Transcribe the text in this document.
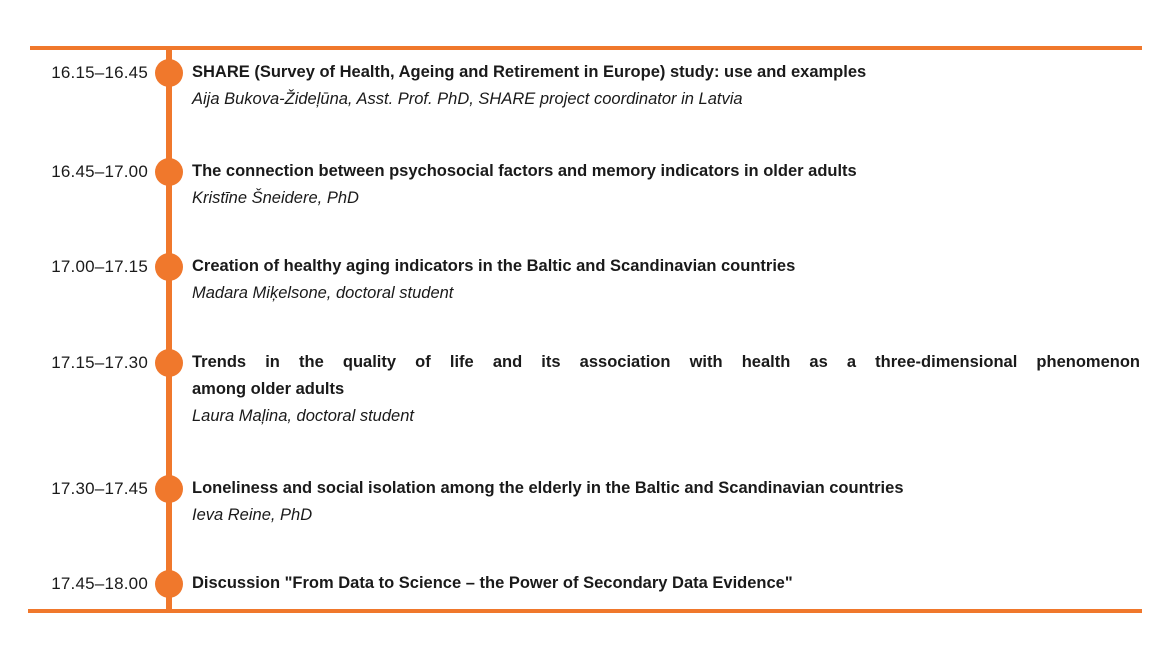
16.15–16.45	SHARE (Survey of Health, Ageing and Retirement in Europe) study: use and examples
Aija Bukova-Žideļūna, Asst. Prof. PhD, SHARE project coordinator in Latvia
16.45–17.00	The connection between psychosocial factors and memory indicators in older adults
Kristīne Šneidere, PhD
17.00–17.15	Creation of healthy aging indicators in the Baltic and Scandinavian countries
Madara Miķelsone, doctoral student
17.15–17.30	Trends in the quality of life and its association with health as a three-dimensional phenomenon
among older adults
Laura Maļina, doctoral student
17.30–17.45	Loneliness and social isolation among the elderly in the Baltic and Scandinavian countries
Ieva Reine, PhD
17.45–18.00	Discussion "From Data to Science – the Power of Secondary Data Evidence"
